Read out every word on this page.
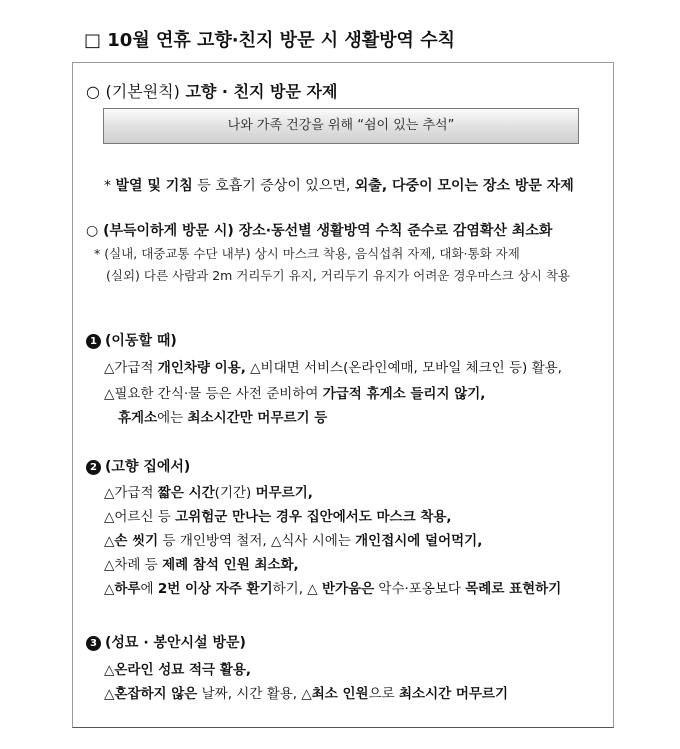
□ 10월 연휴 고향·친지 방문 시 생활방역 수칙
○ (기본원칙) 고향 · 친지 방문 자제
나와 가족 건강을 위해 “쉼이 있는 추석”
* 발열 및 기침 등 호흡기 증상이 있으면, 외출, 다중이 모이는 장소 방문 자제
○ (부득이하게 방문 시) 장소·동선별 생활방역 수칙 준수로 감염확산 최소화
* (실내, 대중교통 수단 내부) 상시 마스크 착용, 음식섭취 자제, 대화·통화 자제
(실외) 다른 사람과 2m 거리두기 유지, 거리두기 유지가 어려운 경우마스크 상시 착용
1 (이동할 때)
△가급적 개인차량 이용, △비대면 서비스(온라인예매, 모바일 체크인 등) 활용,
△필요한 간식·물 등은 사전 준비하여 가급적 휴게소 들리지 않기,
휴게소에는 최소시간만 머무르기 등
2 (고향 집에서)
△가급적 짧은 시간(기간) 머무르기,
△어르신 등 고위험군 만나는 경우 집안에서도 마스크 착용,
△손 씻기 등 개인방역 철저, △식사 시에는 개인접시에 덜어먹기,
△차례 등 제례 참석 인원 최소화,
△하루에 2번 이상 자주 환기하기, △ 반가움은 악수·포옹보다 목례로 표현하기
3 (성묘 · 봉안시설 방문)
△온라인 성묘 적극 활용,
△혼잡하지 않은 날짜, 시간 활용, △최소 인원으로 최소시간 머무르기
